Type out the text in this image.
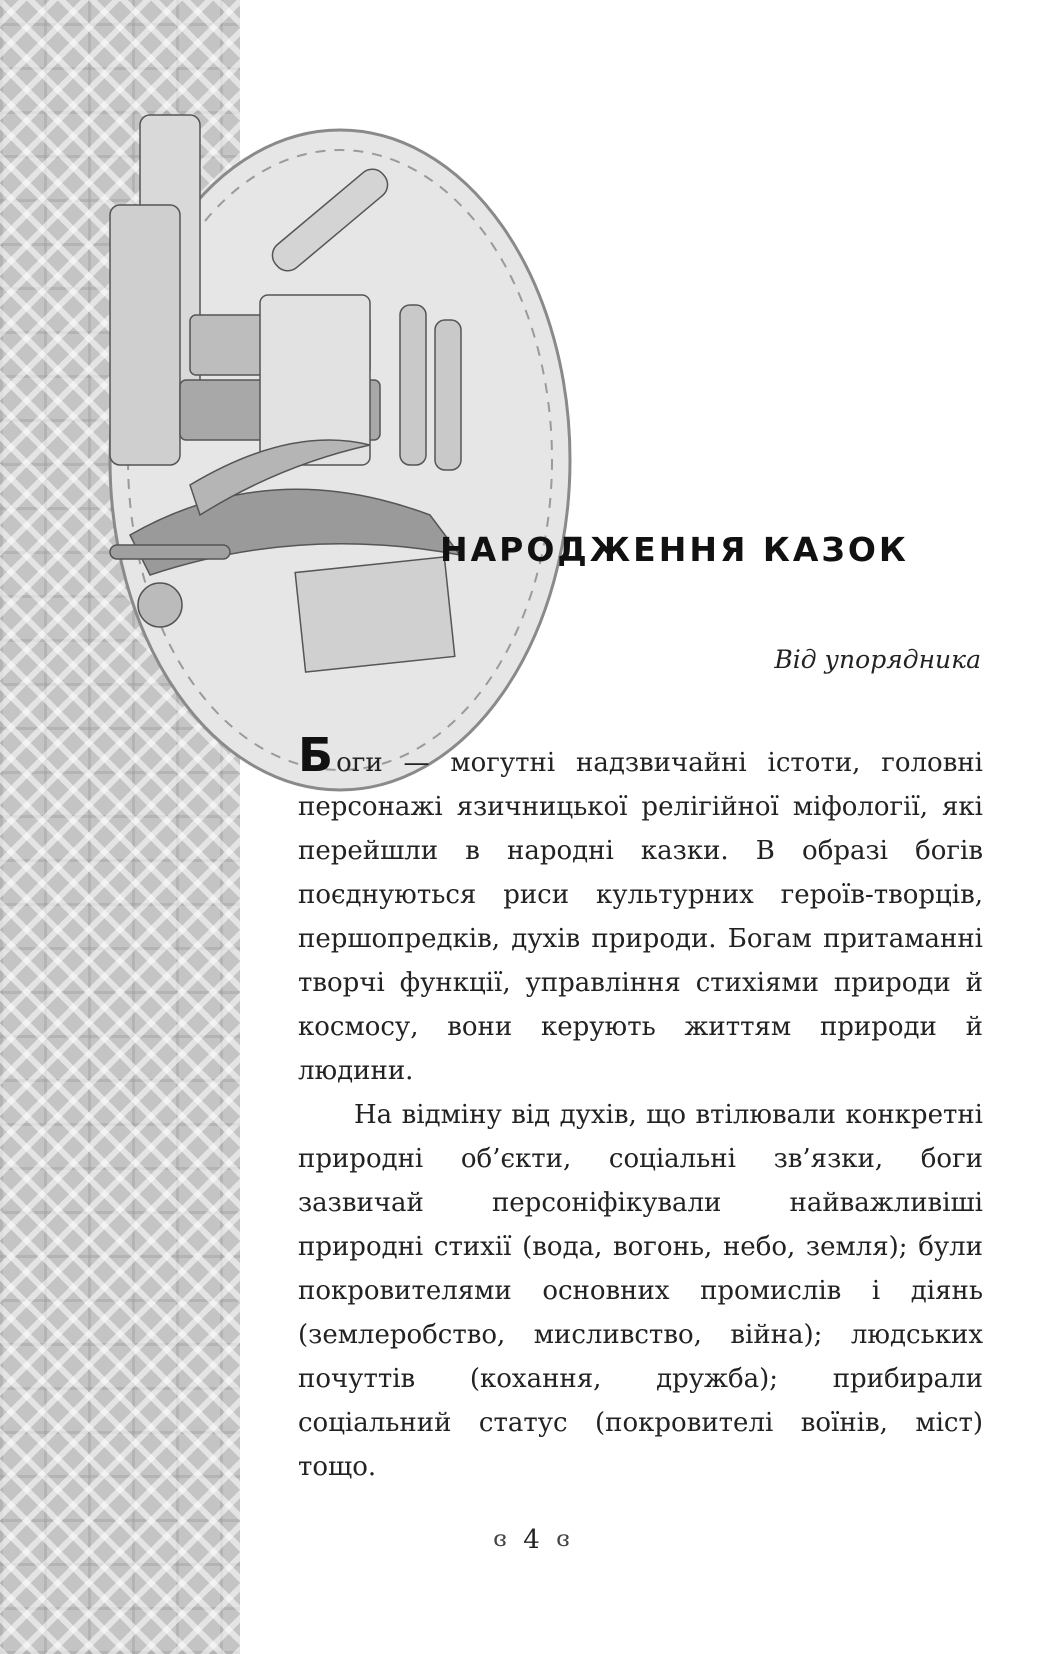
НАРОДЖЕННЯ КАЗОК
Від упорядника

Боги — могутні надзвичайні істоти, головні персонажі язичницької релігійної міфології, які перейшли в народні казки. В образі богів поєднуються риси культурних героїв-творців, першопредків, духів природи. Богам притаманні творчі функції, управління стихіями природи й космосу, вони керують життям природи й людини.

На відміну від духів, що втілювали конкретні природні об’єкти, соціальні зв’язки, боги зазвичай персоніфікували найважливіші природні стихії (вода, вогонь, небо, земля); були покровителями основних промислів і діянь (землеробство, мисливство, війна); людських почуттів (кохання, дружба); прибирали соціальний статус (покровителі воїнів, міст) тощо.

ɞ 4 ɞ
